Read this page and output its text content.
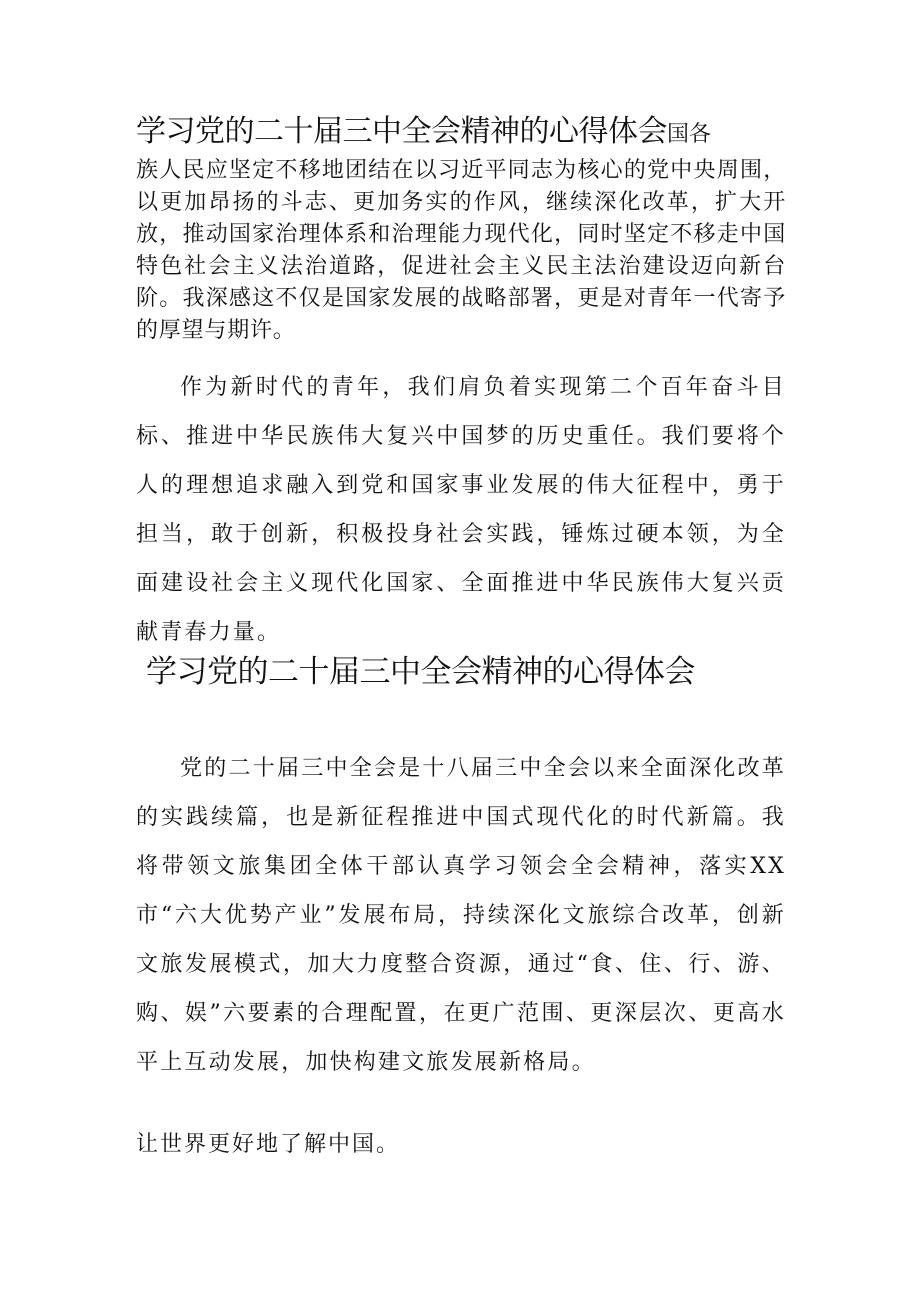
学习党的二十届三中全会精神的心得体会国各

族人民应坚定不移地团结在以习近平同志为核心的党中央周围，以更加昂扬的斗志、更加务实的作风，继续深化改革，扩大开放，推动国家治理体系和治理能力现代化，同时坚定不移走中国特色社会主义法治道路，促进社会主义民主法治建设迈向新台阶。我深感这不仅是国家发展的战略部署，更是对青年一代寄予的厚望与期许。

作为新时代的青年，我们肩负着实现第二个百年奋斗目标、推进中华民族伟大复兴中国梦的历史重任。我们要将个人的理想追求融入到党和国家事业发展的伟大征程中，勇于担当，敢于创新，积极投身社会实践，锤炼过硬本领，为全面建设社会主义现代化国家、全面推进中华民族伟大复兴贡献青春力量。

学习党的二十届三中全会精神的心得体会

党的二十届三中全会是十八届三中全会以来全面深化改革的实践续篇，也是新征程推进中国式现代化的时代新篇。我将带领文旅集团全体干部认真学习领会全会精神，落实XX市“六大优势产业”发展布局，持续深化文旅综合改革，创新文旅发展模式，加大力度整合资源，通过“食、住、行、游、购、娱”六要素的合理配置，在更广范围、更深层次、更高水平上互动发展，加快构建文旅发展新格局。

让世界更好地了解中国。
